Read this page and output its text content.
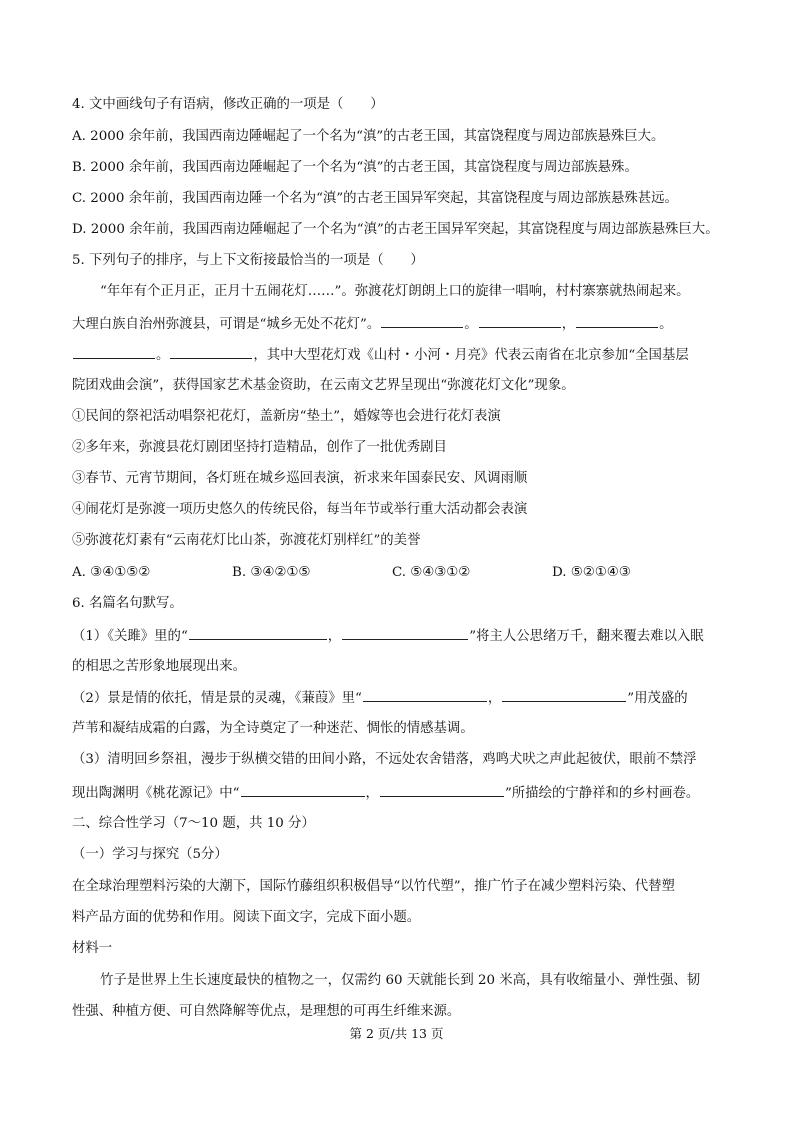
4. 文中画线句子有语病，修改正确的一项是（　　）
A. 2000 余年前，我国西南边陲崛起了一个名为“滇”的古老王国，其富饶程度与周边部族悬殊巨大。
B. 2000 余年前，我国西南边陲崛起了一个名为“滇”的古老王国，其富饶程度与周边部族悬殊。
C. 2000 余年前，我国西南边陲一个名为“滇”的古老王国异军突起，其富饶程度与周边部族悬殊甚远。
D. 2000 余年前，我国西南边陲崛起了一个名为“滇”的古老王国异军突起，其富饶程度与周边部族悬殊巨大。
5. 下列句子的排序，与上下文衔接最恰当的一项是（　　）
“年年有个正月正，正月十五闹花灯……”。弥渡花灯朗朗上口的旋律一唱响，村村寨寨就热闹起来。
大理白族自治州弥渡县，可谓是“城乡无处不花灯”。	。	，	。
。	，其中大型花灯戏《山村・小河・月亮》代表云南省在北京参加“全国基层
院团戏曲会演”，获得国家艺术基金资助，在云南文艺界呈现出“弥渡花灯文化”现象。
①民间的祭祀活动唱祭祀花灯，盖新房“垫土”，婚嫁等也会进行花灯表演
②多年来，弥渡县花灯剧团坚持打造精品，创作了一批优秀剧目
③春节、元宵节期间，各灯班在城乡巡回表演，祈求来年国泰民安、风调雨顺
④闹花灯是弥渡一项历史悠久的传统民俗，每当年节或举行重大活动都会表演
⑤弥渡花灯素有“云南花灯比山茶，弥渡花灯别样红”的美誉
A. ③④①⑤②	B. ③④②①⑤	C. ⑤④③①②	D. ⑤②①④③
6. 名篇名句默写。
（1）《关雎》里的“	，	”将主人公思绪万千，翻来覆去难以入眠
的相思之苦形象地展现出来。
（2）景是情的依托，情是景的灵魂，《蒹葭》里“	，	”用茂盛的
芦苇和凝结成霜的白露，为全诗奠定了一种迷茫、惆怅的情感基调。
（3）清明回乡祭祖，漫步于纵横交错的田间小路，不远处农舍错落，鸡鸣犬吠之声此起彼伏，眼前不禁浮
现出陶渊明《桃花源记》中“	，	”所描绘的宁静祥和的乡村画卷。
二、综合性学习（7～10 题，共 10 分）
（一）学习与探究（5分）
在全球治理塑料污染的大潮下，国际竹藤组织积极倡导“以竹代塑”，推广竹子在减少塑料污染、代替塑
料产品方面的优势和作用。阅读下面文字，完成下面小题。
材料一
竹子是世界上生长速度最快的植物之一，仅需约 60 天就能长到 20 米高，具有收缩量小、弹性强、韧
性强、种植方便、可自然降解等优点，是理想的可再生纤维来源。
第 2 页/共 13 页
